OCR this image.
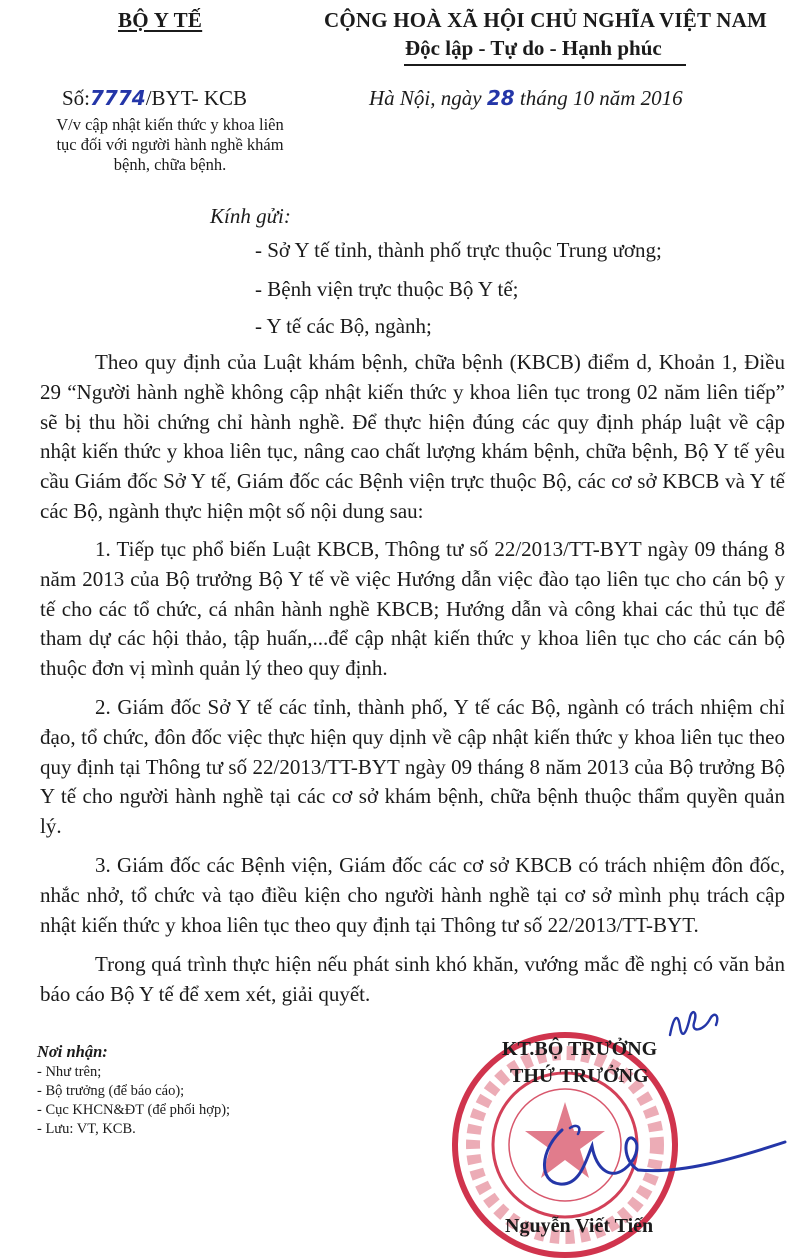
BỘ Y TẾ	CỘNG HOÀ XÃ HỘI CHỦ NGHĨA VIỆT NAM
Độc lập - Tự do - Hạnh phúc
Số:7774/BYT- KCB	Hà Nội, ngày 28 tháng 10 năm 2016
V/v cập nhật kiến thức y khoa liên tục đối với người hành nghề khám bệnh, chữa bệnh.
Kính gửi:
- Sở Y tế tỉnh, thành phố trực thuộc Trung ương;
- Bệnh viện trực thuộc Bộ Y tế;
- Y tế các Bộ, ngành;
Theo quy định của Luật khám bệnh, chữa bệnh (KBCB) điểm d, Khoản 1, Điều 29 “Người hành nghề không cập nhật kiến thức y khoa liên tục trong 02 năm liên tiếp” sẽ bị thu hồi chứng chỉ hành nghề. Để thực hiện đúng các quy định pháp luật về cập nhật kiến thức y khoa liên tục, nâng cao chất lượng khám bệnh, chữa bệnh, Bộ Y tế yêu cầu Giám đốc Sở Y tế, Giám đốc các Bệnh viện trực thuộc Bộ, các cơ sở KBCB và Y tế các Bộ, ngành thực hiện một số nội dung sau:
1. Tiếp tục phổ biến Luật KBCB, Thông tư số 22/2013/TT-BYT ngày 09 tháng 8 năm 2013 của Bộ trưởng Bộ Y tế về việc Hướng dẫn việc đào tạo liên tục cho cán bộ y tế cho các tổ chức, cá nhân hành nghề KBCB; Hướng dẫn và công khai các thủ tục để tham dự các hội thảo, tập huấn,...để cập nhật kiến thức y khoa liên tục cho các cán bộ thuộc đơn vị mình quản lý theo quy định.
2. Giám đốc Sở Y tế các tỉnh, thành phố, Y tế các Bộ, ngành có trách nhiệm chỉ đạo, tổ chức, đôn đốc việc thực hiện quy dịnh về cập nhật kiến thức y khoa liên tục theo quy định tại Thông tư số 22/2013/TT-BYT ngày 09 tháng 8 năm 2013 của Bộ trưởng Bộ Y tế cho người hành nghề tại các cơ sở khám bệnh, chữa bệnh thuộc thẩm quyền quản lý.
3. Giám đốc các Bệnh viện, Giám đốc các cơ sở KBCB có trách nhiệm đôn đốc, nhắc nhở, tổ chức và tạo điều kiện cho người hành nghề tại cơ sở mình phụ trách cập nhật kiến thức y khoa liên tục theo quy định tại Thông tư số 22/2013/TT-BYT.
Trong quá trình thực hiện nếu phát sinh khó khăn, vướng mắc đề nghị có văn bản báo cáo Bộ Y tế để xem xét, giải quyết.
Nơi nhận:
- Như trên;
- Bộ trưởng (để báo cáo);
- Cục KHCN&ĐT (để phối hợp);
- Lưu: VT, KCB.
KT.BỘ TRƯỞNG
THỨ TRƯỞNG
Nguyễn Viết Tiến
